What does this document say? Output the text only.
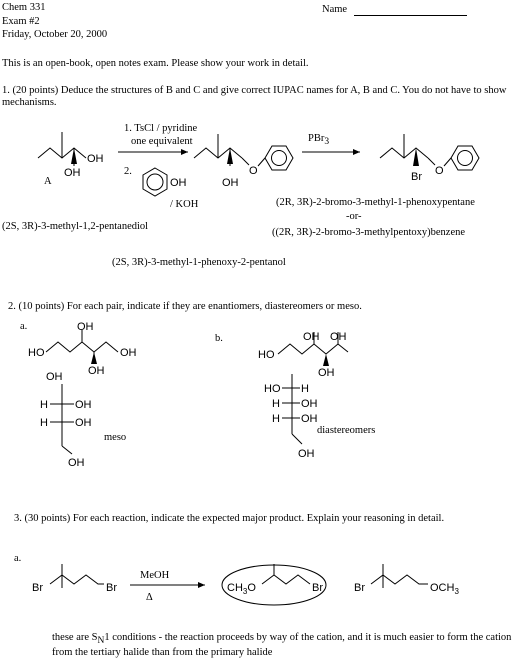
Chem 331
Exam #2
Friday, October 20, 2000
Name
This is an open-book, open notes exam. Please show your work in detail.
1. (20 points) Deduce the structures of B and C and give correct IUPAC names for A, B and C. You do not have to show mechanisms.
1. TsCl / pyridine
one equivalent
2.
/ KOH
PBr$_3$
(2S, 3R)-3-methyl-1,2-pentanediol
(2S, 3R)-3-methyl-1-phenoxy-2-pentanol
(2R, 3R)-2-bromo-3-methyl-1-phenoxypentane
-or-
((2R, 3R)-2-bromo-3-methylpentoxy)benzene
2. (10 points) For each pair, indicate if they are enantiomers, diastereomers or meso.
a.
b.
meso
diastereomers
3. (30 points) For each reaction, indicate the expected major product. Explain your reasoning in detail.
a.
MeOH
Δ
these are $S_N1$ conditions - the reaction proceeds by way of the cation, and it is much easier to form the cation from the tertiary halide than from the primary halide
OH
OH
A	OH
O
OH	Br O
HO
OH
OH
OH
OH
H OH
H OH
OH
HO
OH OH
OH
HO H
H OH
H OH
OH
Br	Br	$CH_3O$	Br	Br	$OCH_3$
